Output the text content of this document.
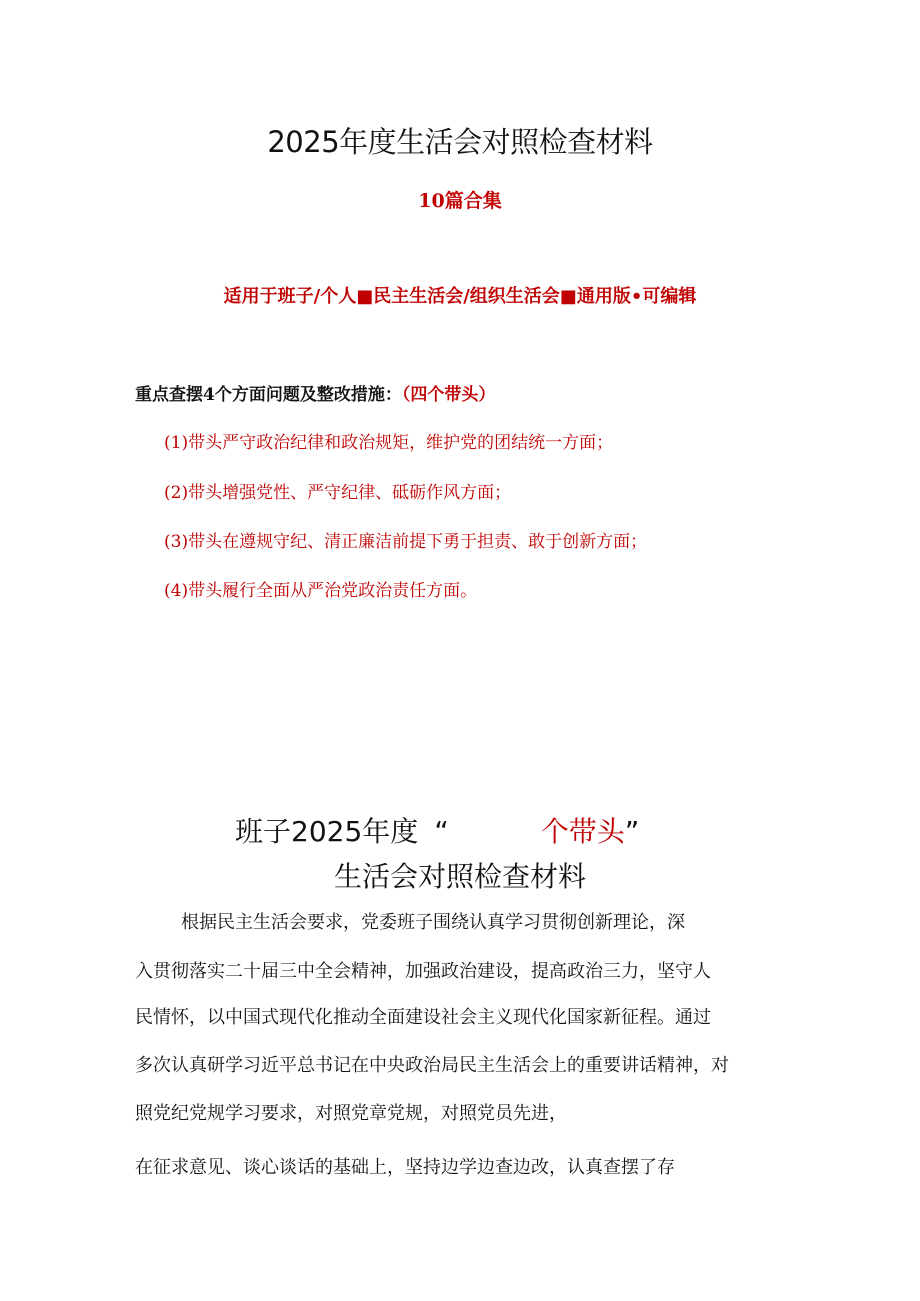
2025年度生活会对照检查材料
10篇合集
适用于班子/个人■民主生活会/组织生活会■通用版•可编辑
重点查摆4个方面问题及整改措施：（四个带头）
(1)带头严守政治纪律和政治规矩，维护党的团结统一方面；
(2)带头增强党性、严守纪律、砥砺作风方面；
(3)带头在遵规守纪、清正廉洁前提下勇于担责、敢于创新方面；
(4)带头履行全面从严治党政治责任方面。
班子2025年度 “	个带头”
生活会对照检查材料
根据民主生活会要求，党委班子围绕认真学习贯彻创新理论，深
入贯彻落实二十届三中全会精神，加强政治建设，提高政治三力，坚守人
民情怀，以中国式现代化推动全面建设社会主义现代化国家新征程。通过
多次认真研学习近平总书记在中央政治局民主生活会上的重要讲话精神，对
照党纪党规学习要求，对照党章党规，对照党员先进，
在征求意见、谈心谈话的基础上，坚持边学边查边改，认真查摆了存
